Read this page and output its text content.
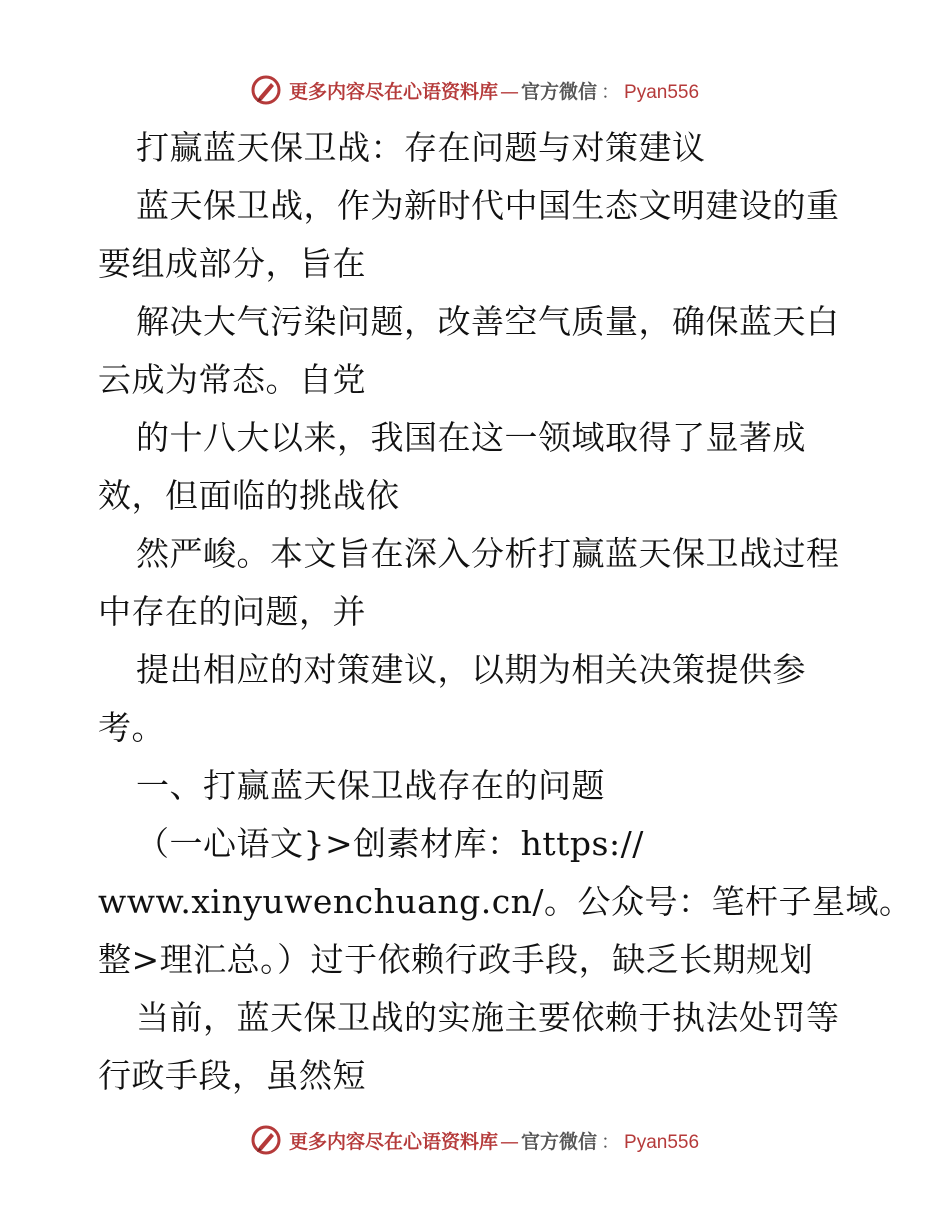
更多内容尽在心语资料库 — 官方微信 ： Pyan556
打赢蓝天保卫战：存在问题与对策建议
蓝天保卫战，作为新时代中国生态文明建设的重
要组成部分，旨在
解决大气污染问题，改善空气质量，确保蓝天白
云成为常态。自党
的十八大以来，我国在这一领域取得了显著成
效，但面临的挑战依
然严峻。本文旨在深入分析打赢蓝天保卫战过程
中存在的问题，并
提出相应的对策建议，以期为相关决策提供参
考。
一、打赢蓝天保卫战存在的问题
（一心语文}>创素材库：https://
www.xinyuwenchuang.cn/。公众号：笔杆子星域。
整>理汇总。）过于依赖行政手段，缺乏长期规划
当前，蓝天保卫战的实施主要依赖于执法处罚等
行政手段，虽然短
更多内容尽在心语资料库 — 官方微信 ： Pyan556
